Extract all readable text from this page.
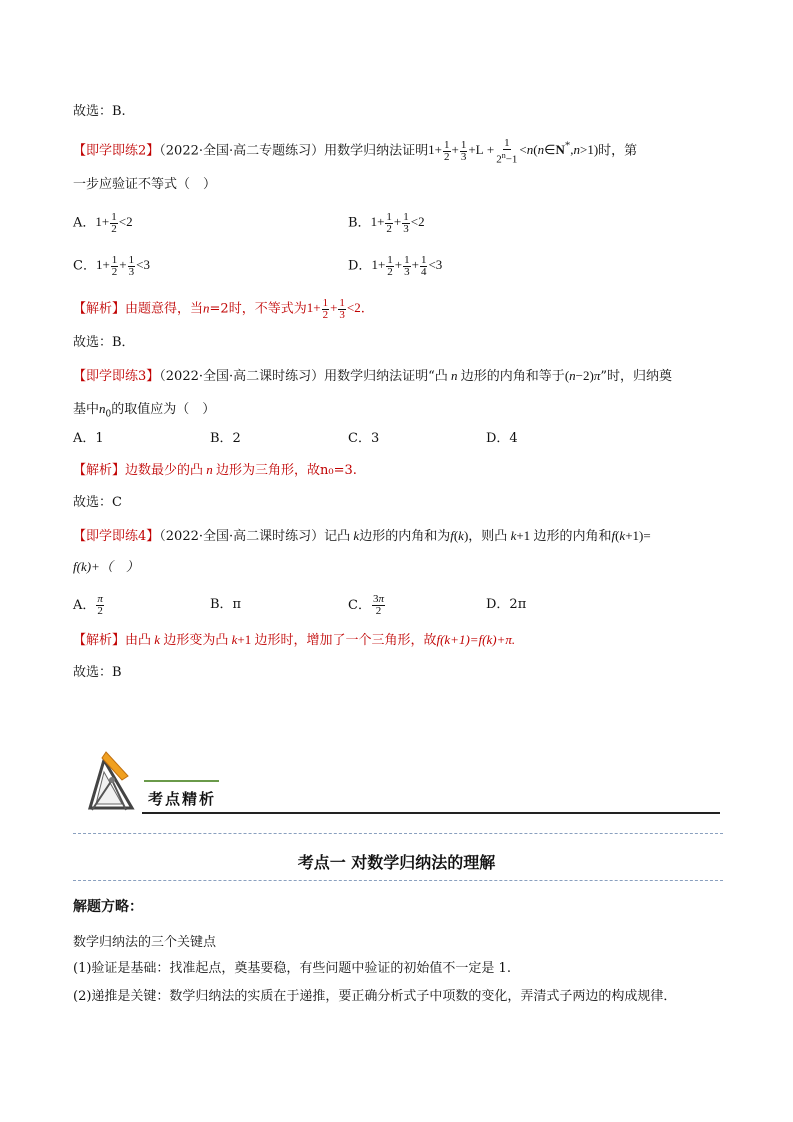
故选：B.
【即学即练2】（2022·全国·高二专题练习）用数学归纳法证明$1+ \frac{1}{2} + \frac{1}{3} +L + \frac{1}{2^n-1}$ <n(n∈N*,n>1)时，第
一步应验证不等式（　）
A．$1+ \frac{1}{2} <2$	B．$1+ \frac{1}{2} + \frac{1}{3} <2$
C．$1+ \frac{1}{2} + \frac{1}{3} <3$	D．$1+ \frac{1}{2} + \frac{1}{3} + \frac{1}{4} <3$
【解析】由题意得，当n=2时，不等式为$1+ \frac{1}{2} + \frac{1}{3} <2$.
故选：B．
【即学即练3】（2022·全国·高二课时练习）用数学归纳法证明“凸 n 边形的内角和等于(n−2)π”时，归纳奠
基中$n_0$的取值应为（　）
A．1	B．2	C．3	D．4
【解析】边数最少的凸 n 边形为三角形，故n₀=3.
故选：C
【即学即练4】（2022·全国·高二课时练习）记凸 k边形的内角和为f(k)，则凸 k+1 边形的内角和f(k+1)=
f(k)+（　）
A． $\frac{\pi}{2}$	B．π	C． $\frac{3\pi}{2}$	D．2π
【解析】由凸 k 边形变为凸 k+1 边形时，增加了一个三角形，故f(k+1)=f(k)+π.
故选：B
考点精析
考点一 对数学归纳法的理解
解题方略：
数学归纳法的三个关键点
(1)验证是基础：找准起点，奠基要稳，有些问题中验证的初始值不一定是 1.
(2)递推是关键：数学归纳法的实质在于递推，要正确分析式子中项数的变化，弄清式子两边的构成规律．
